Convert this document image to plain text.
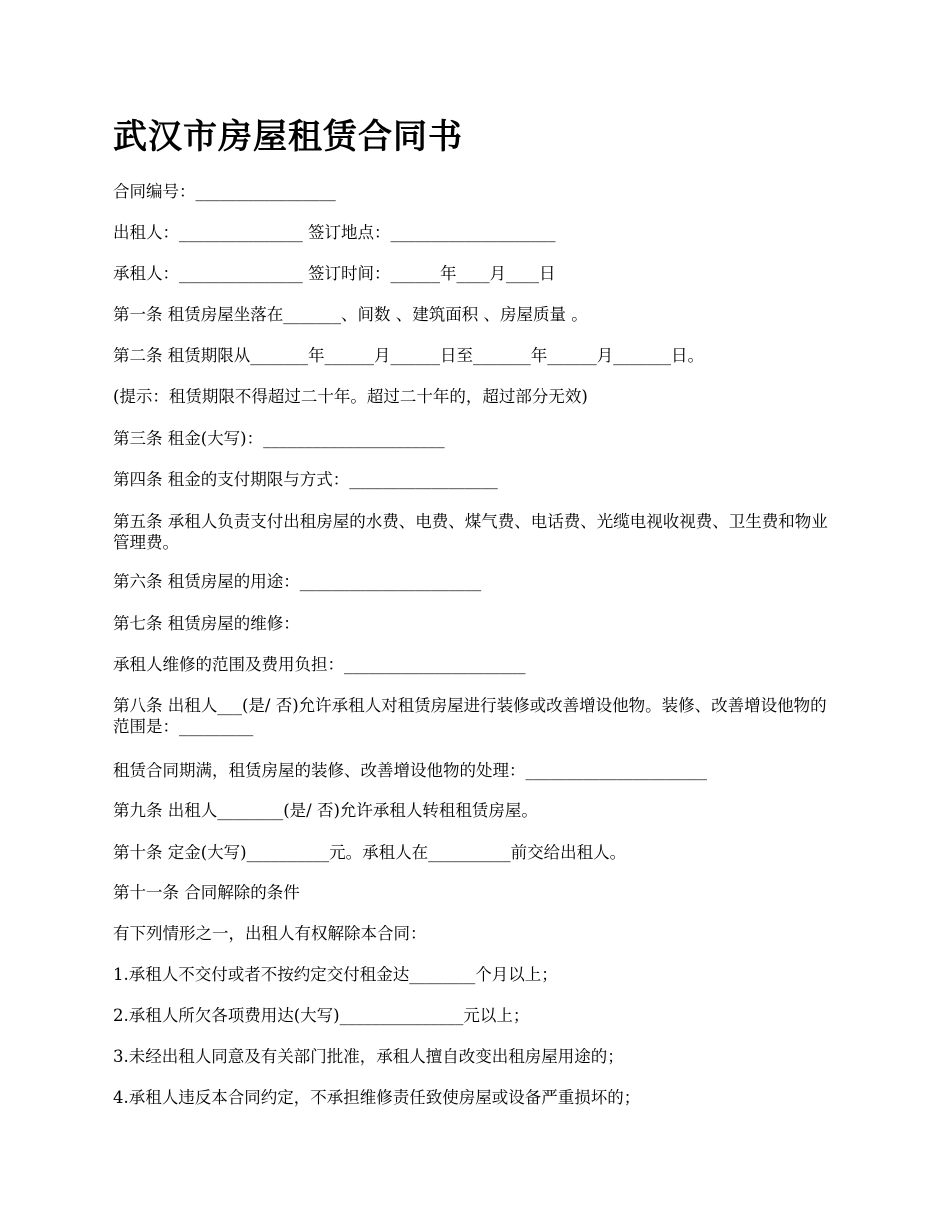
武汉市房屋租赁合同书

合同编号：_________________

出租人：_______________ 签订地点：____________________

承租人：_______________ 签订时间：______年____月____日

第一条 租赁房屋坐落在_______、间数 、建筑面积 、房屋质量 。

第二条 租赁期限从_______年______月______日至_______年______月_______日。

(提示：租赁期限不得超过二十年。超过二十年的，超过部分无效)

第三条 租金(大写)：______________________

第四条 租金的支付期限与方式：__________________

第五条 承租人负责支付出租房屋的水费、电费、煤气费、电话费、光缆电视收视费、卫生费和物业管理费。

第六条 租赁房屋的用途：______________________

第七条 租赁房屋的维修：

承租人维修的范围及费用负担：______________________

第八条 出租人___(是/ 否)允许承租人对租赁房屋进行装修或改善增设他物。装修、改善增设他物的范围是：_________

租赁合同期满，租赁房屋的装修、改善增设他物的处理：______________________

第九条 出租人________(是/ 否)允许承租人转租租赁房屋。

第十条 定金(大写)__________元。承租人在__________前交给出租人。

第十一条 合同解除的条件

有下列情形之一，出租人有权解除本合同：

1.承租人不交付或者不按约定交付租金达________个月以上；

2.承租人所欠各项费用达(大写)_______________元以上；

3.未经出租人同意及有关部门批准，承租人擅自改变出租房屋用途的；

4.承租人违反本合同约定，不承担维修责任致使房屋或设备严重损坏的；
